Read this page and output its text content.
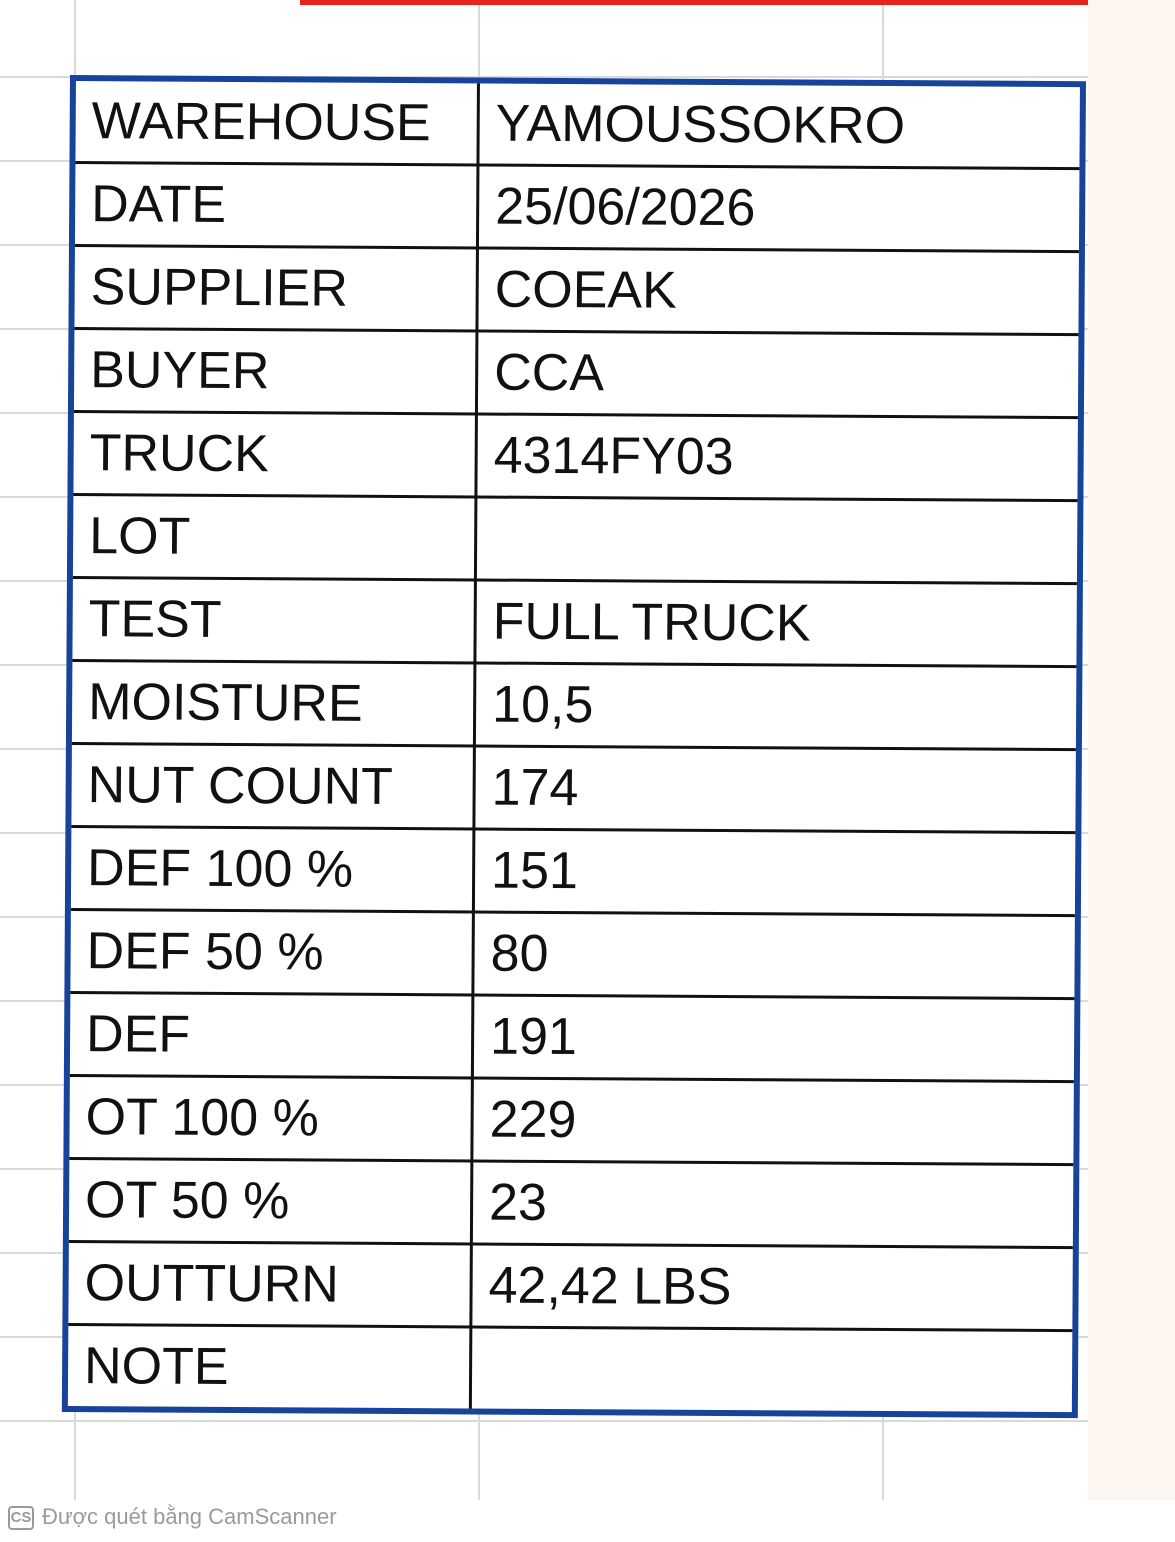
WAREHOUSE	YAMOUSSOKRO
DATE	25/06/2026
SUPPLIER	COEAK
BUYER	CCA
TRUCK	4314FY03
LOT	
TEST	FULL TRUCK
MOISTURE	10,5
NUT COUNT	174
DEF 100 %	151
DEF 50 %	80
DEF	191
OT 100 %	229
OT 50 %	23
OUTTURN	42,42 LBS
NOTE	
CS Được quét bằng CamScanner
